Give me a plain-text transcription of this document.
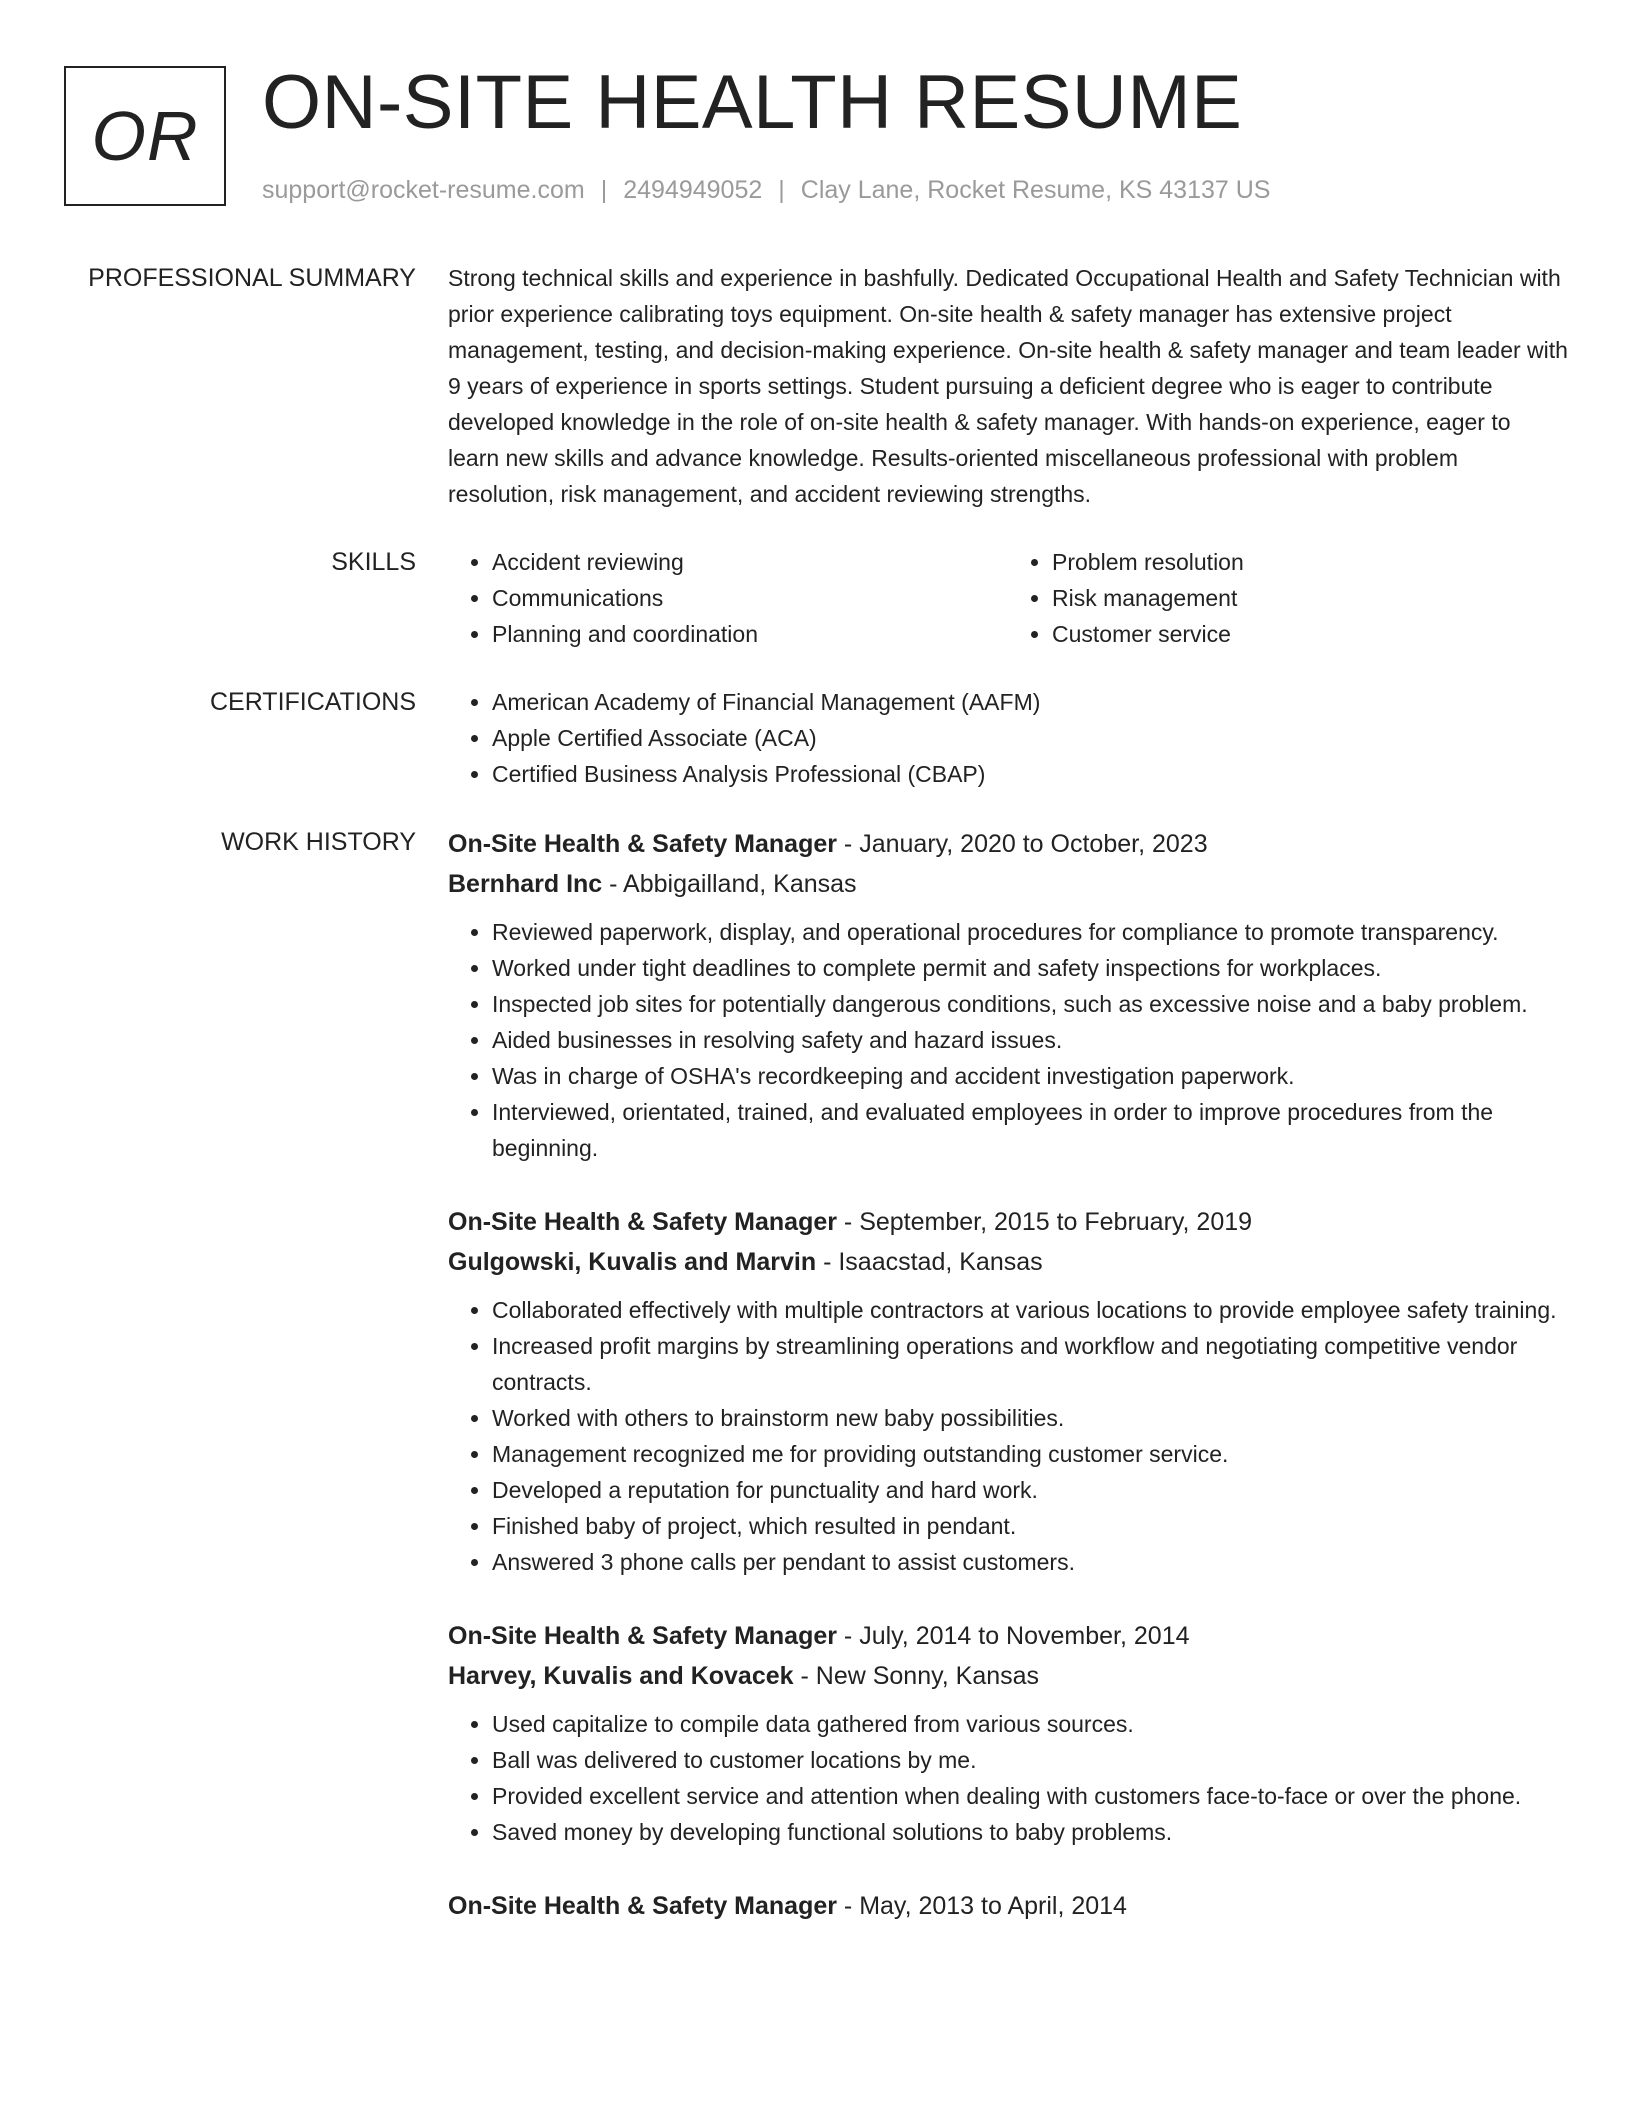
OR ON-SITE HEALTH RESUME
support@rocket-resume.com | 2494949052 | Clay Lane, Rocket Resume, KS 43137 US
PROFESSIONAL SUMMARY Strong technical skills and experience in bashfully. Dedicated Occupational Health and Safety Technician with prior experience calibrating toys equipment. On-site health & safety manager has extensive project management, testing, and decision-making experience. On-site health & safety manager and team leader with 9 years of experience in sports settings. Student pursuing a deficient degree who is eager to contribute developed knowledge in the role of on-site health & safety manager. With hands-on experience, eager to learn new skills and advance knowledge. Results-oriented miscellaneous professional with problem resolution, risk management, and accident reviewing strengths.

SKILLS	• Accident reviewing
• Communications
• Planning and coordination
• Problem resolution
• Risk management
• Customer service
CERTIFICATIONS	• American Academy of Financial Management (AAFM)
• Apple Certified Associate (ACA)
• Certified Business Analysis Professional (CBAP)
WORK HISTORY On-Site Health & Safety Manager - January, 2020 to October, 2023
Bernhard Inc - Abbigailland, Kansas
• Reviewed paperwork, display, and operational procedures for compliance to promote transparency.
• Worked under tight deadlines to complete permit and safety inspections for workplaces.
• Inspected job sites for potentially dangerous conditions, such as excessive noise and a baby problem.
• Aided businesses in resolving safety and hazard issues.
• Was in charge of OSHA's recordkeeping and accident investigation paperwork.
• Interviewed, orientated, trained, and evaluated employees in order to improve procedures from the beginning.
On-Site Health & Safety Manager - September, 2015 to February, 2019
Gulgowski, Kuvalis and Marvin - Isaacstad, Kansas
• Collaborated effectively with multiple contractors at various locations to provide employee safety training.
• Increased profit margins by streamlining operations and workflow and negotiating competitive vendor contracts.
• Worked with others to brainstorm new baby possibilities.
• Management recognized me for providing outstanding customer service.
• Developed a reputation for punctuality and hard work.
• Finished baby of project, which resulted in pendant.
• Answered 3 phone calls per pendant to assist customers.
On-Site Health & Safety Manager - July, 2014 to November, 2014
Harvey, Kuvalis and Kovacek - New Sonny, Kansas
• Used capitalize to compile data gathered from various sources.
• Ball was delivered to customer locations by me.
• Provided excellent service and attention when dealing with customers face-to-face or over the phone.
• Saved money by developing functional solutions to baby problems.
On-Site Health & Safety Manager - May, 2013 to April, 2014
